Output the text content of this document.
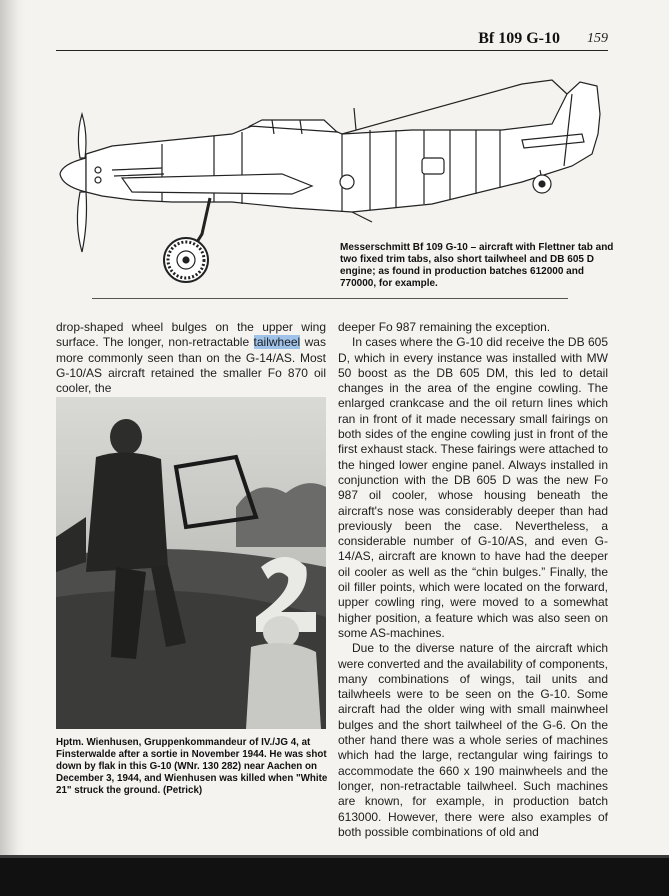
Bf 109 G-10 159
Messerschmitt Bf 109 G-10 – aircraft with Flettner tab and two fixed trim tabs, also short tailwheel and DB 605 D engine; as found in production batches 612000 and 770000, for example.

drop-shaped wheel bulges on the upper wing surface. The longer, non-retractable tailwheel was more commonly seen than on the G-14/AS. Most G-10/AS aircraft retained the smaller Fo 870 oil cooler, the

Hptm. Wienhusen, Gruppenkommandeur of IV./JG 4, at Finsterwalde after a sortie in November 1944. He was shot down by flak in this G-10 (WNr. 130 282) near Aachen on December 3, 1944, and Wienhusen was killed when "White 21" struck the ground. (Petrick)

deeper Fo 987 remaining the exception.

In cases where the G-10 did receive the DB 605 D, which in every instance was installed with MW 50 boost as the DB 605 DM, this led to detail changes in the area of the engine cowling. The enlarged crankcase and the oil return lines which ran in front of it made necessary small fairings on both sides of the engine cowling just in front of the first exhaust stack. These fairings were attached to the hinged lower engine panel. Always installed in conjunction with the DB 605 D was the new Fo 987 oil cooler, whose housing beneath the aircraft's nose was considerably deeper than had previously been the case. Nevertheless, a considerable number of G-10/AS, and even G-14/AS, aircraft are known to have had the deeper oil cooler as well as the “chin bulges.” Finally, the oil filler points, which were located on the forward, upper cowling ring, were moved to a somewhat higher position, a feature which was also seen on some AS-machines.

Due to the diverse nature of the aircraft which were converted and the availability of components, many combinations of wings, tail units and tailwheels were to be seen on the G-10. Some aircraft had the older wing with small mainwheel bulges and the short tailwheel of the G-6. On the other hand there was a whole series of machines which had the large, rectangular wing fairings to accommodate the 660 x 190 mainwheels and the longer, non-retractable tailwheel. Such machines are known, for example, in production batch 613000. However, there were also examples of both possible combinations of old and
